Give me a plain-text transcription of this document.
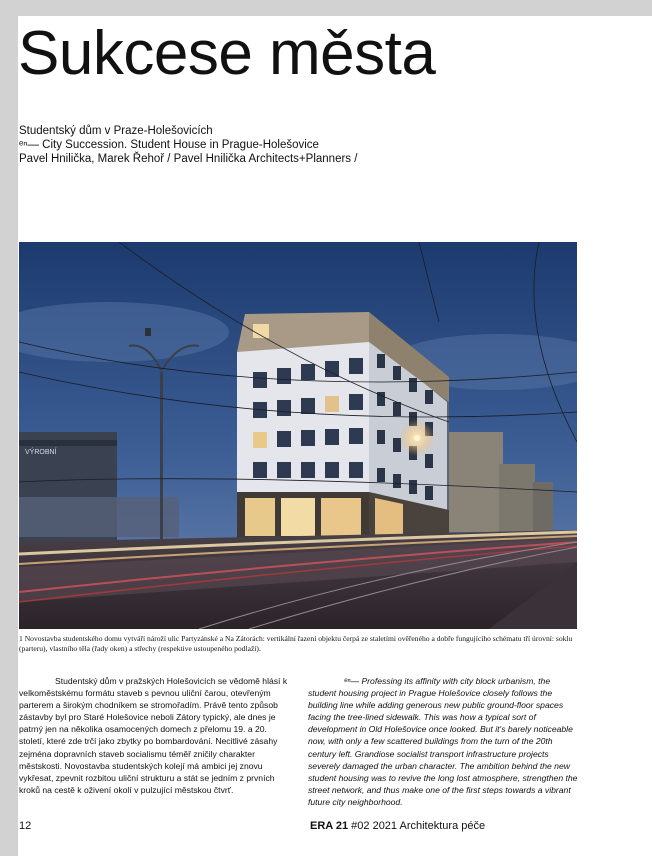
Sukcese města
Studentský dům v Praze-Holešovicích
ᵉⁿ— City Succession. Student House in Prague-Holešovice
Pavel Hnilička, Marek Řehoř / Pavel Hnilička Architects+Planners /
VÝROBNÍ
1 Novostavba studentského domu vytváří nároží ulic Partyzánské a Na Zátorách: vertikální řazení objektu čerpá ze staletími ověřeného a dobře fungujícího schématu tří úrovní: soklu (parteru), vlastního těla (řady oken) a střechy (respektive ustoupeného podlaží).

Studentský dům v pražských Holešovicích se vědomě hlásí k velkoměstskému formátu staveb s pevnou uliční čarou, otevřeným parterem a širokým chodníkem se stromořadím. Právě tento způsob zástavby byl pro Staré Holešovice neboli Zátory typický, ale dnes je patrný jen na několika osamocených domech z přelomu 19. a 20. století, které zde trčí jako zbytky po bombardování. Necitlivé zásahy zejména dopravních staveb socialismu téměř zničily charakter městskosti. Novostavba studentských kolejí má ambici jej znovu vykřesat, zpevnit rozbitou uliční strukturu a stát se jedním z prvních kroků na cestě k oživení okolí v pulzující městskou čtvrť.

ᵉⁿ— Professing its affinity with city block urbanism, the student housing project in Prague Holešovice closely follows the building line while adding generous new public ground-floor spaces facing the tree-lined sidewalk. This was how a typical sort of development in Old Holešovice once looked. But it's barely noticeable now, with only a few scattered buildings from the turn of the 20th century left. Grandiose socialist transport infrastructure projects severely damaged the urban character. The ambition behind the new student housing was to revive the long lost atmosphere, strengthen the street network, and thus make one of the first steps towards a vibrant future city neighborhood.

12	ERA 21 #02 2021 Architektura péče
